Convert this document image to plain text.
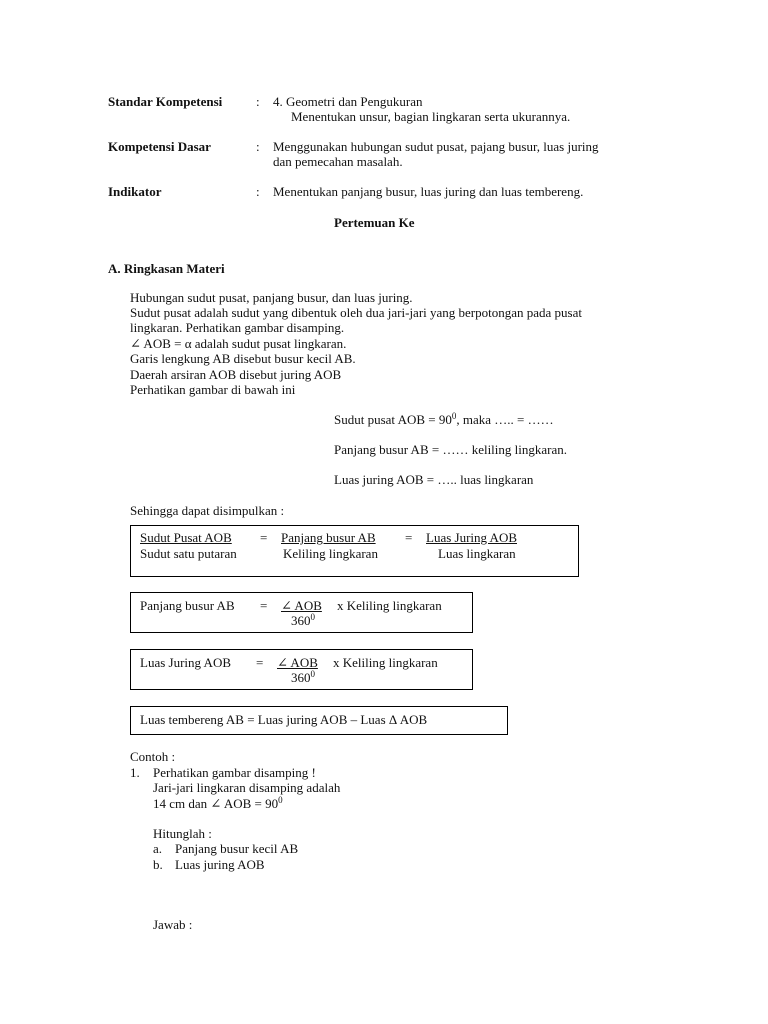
Standar Kompetensi	: 4. Geometri dan Pengukuran
Menentukan unsur, bagian lingkaran serta ukurannya.
Kompetensi Dasar	: Menggunakan hubungan sudut pusat, pajang busur, luas juring
dan pemecahan masalah.
Indikator	: Menentukan panjang busur, luas juring dan luas tembereng.
Pertemuan Ke
A. Ringkasan Materi
Hubungan sudut pusat, panjang busur, dan luas juring.
Sudut pusat adalah sudut yang dibentuk oleh dua jari-jari yang berpotongan pada pusat
lingkaran. Perhatikan gambar disamping.
∠ AOB = α adalah sudut pusat lingkaran.
Garis lengkung AB disebut busur kecil AB.
Daerah arsiran AOB disebut juring AOB
Perhatikan gambar di bawah ini
Sudut pusat AOB = $90^0$, maka ….. = ……
Panjang busur AB = …… keliling lingkaran.
Luas juring AOB = ….. luas lingkaran
Sehingga dapat disimpulkan :
Sudut Pusat AOB
Sudut satu putaran
= Panjang busur AB
Keliling lingkaran
= Luas Juring AOB
Luas lingkaran
Panjang busur AB = ∠ AOB x Keliling lingkaran
$360^0$
Luas Juring AOB = ∠ AOB x Keliling lingkaran
$360^0$
Luas tembereng AB = Luas juring AOB – Luas Δ AOB
Contoh :
1. Perhatikan gambar disamping !
Jari-jari lingkaran disamping adalah
14 cm dan ∠ AOB = $90^0$
Hitunglah :
a. Panjang busur kecil AB
b. Luas juring AOB
Jawab :
